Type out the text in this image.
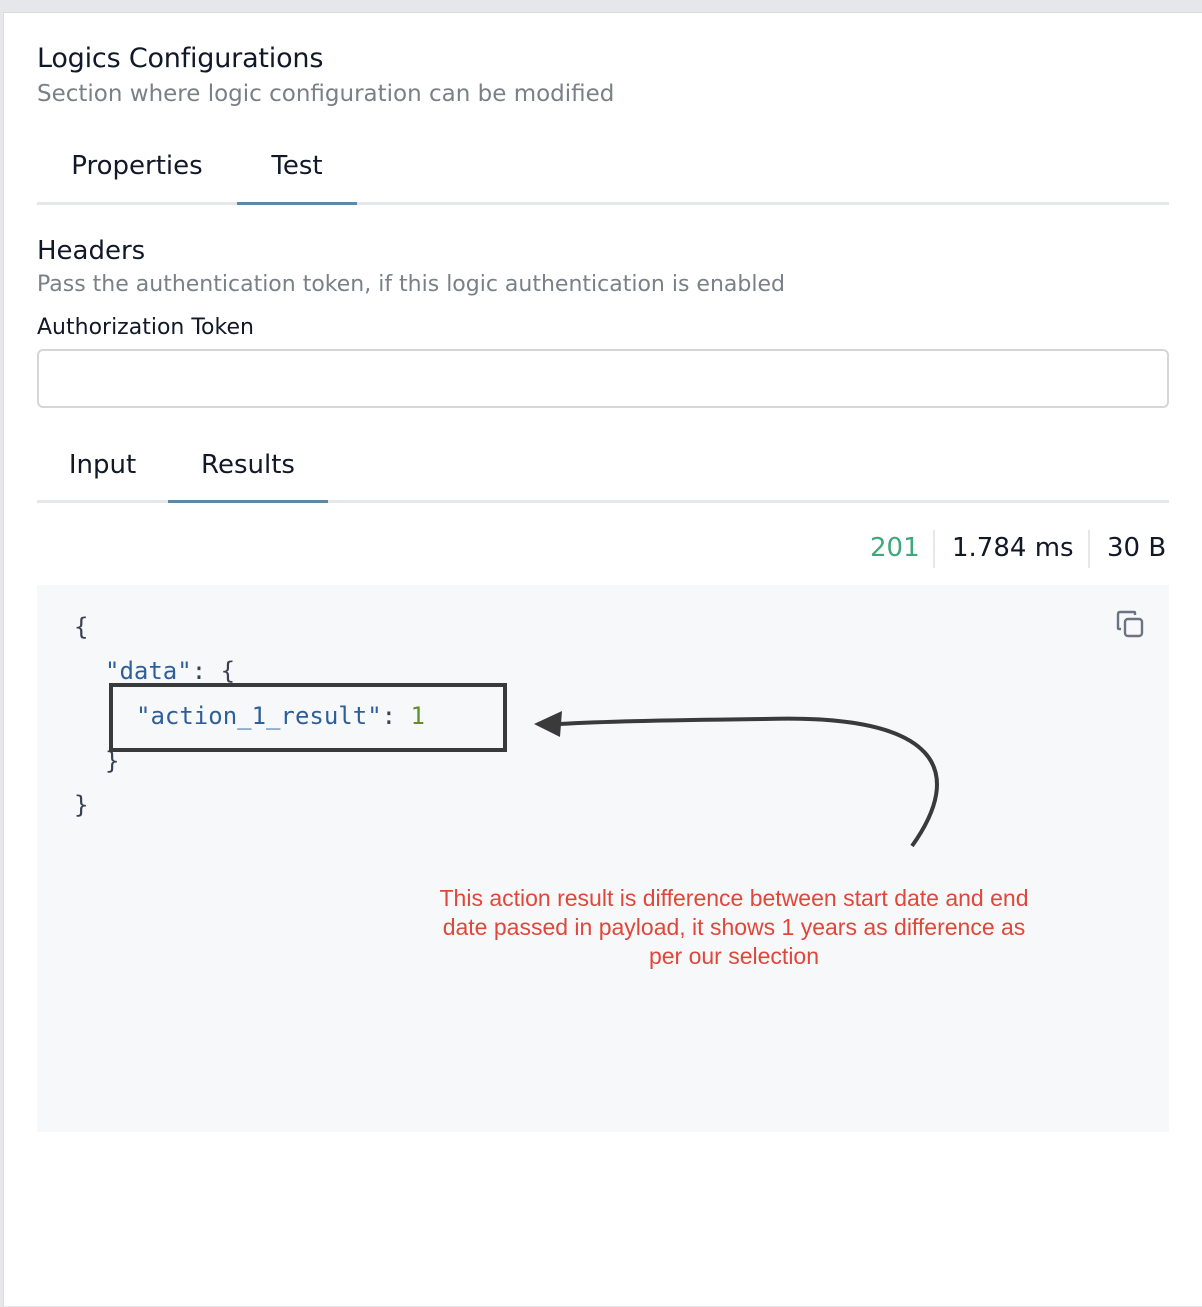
Logics Configurations
Section where logic configuration can be modified
Properties	Test
Headers
Pass the authentication token, if this logic authentication is enabled
Authorization Token
Input	Results
201 1.784 ms 30 B
{
"data": {
"action_1_result": 1
}
}
This action result is difference between start date and end date passed in payload, it shows 1 years as difference as per our selection
